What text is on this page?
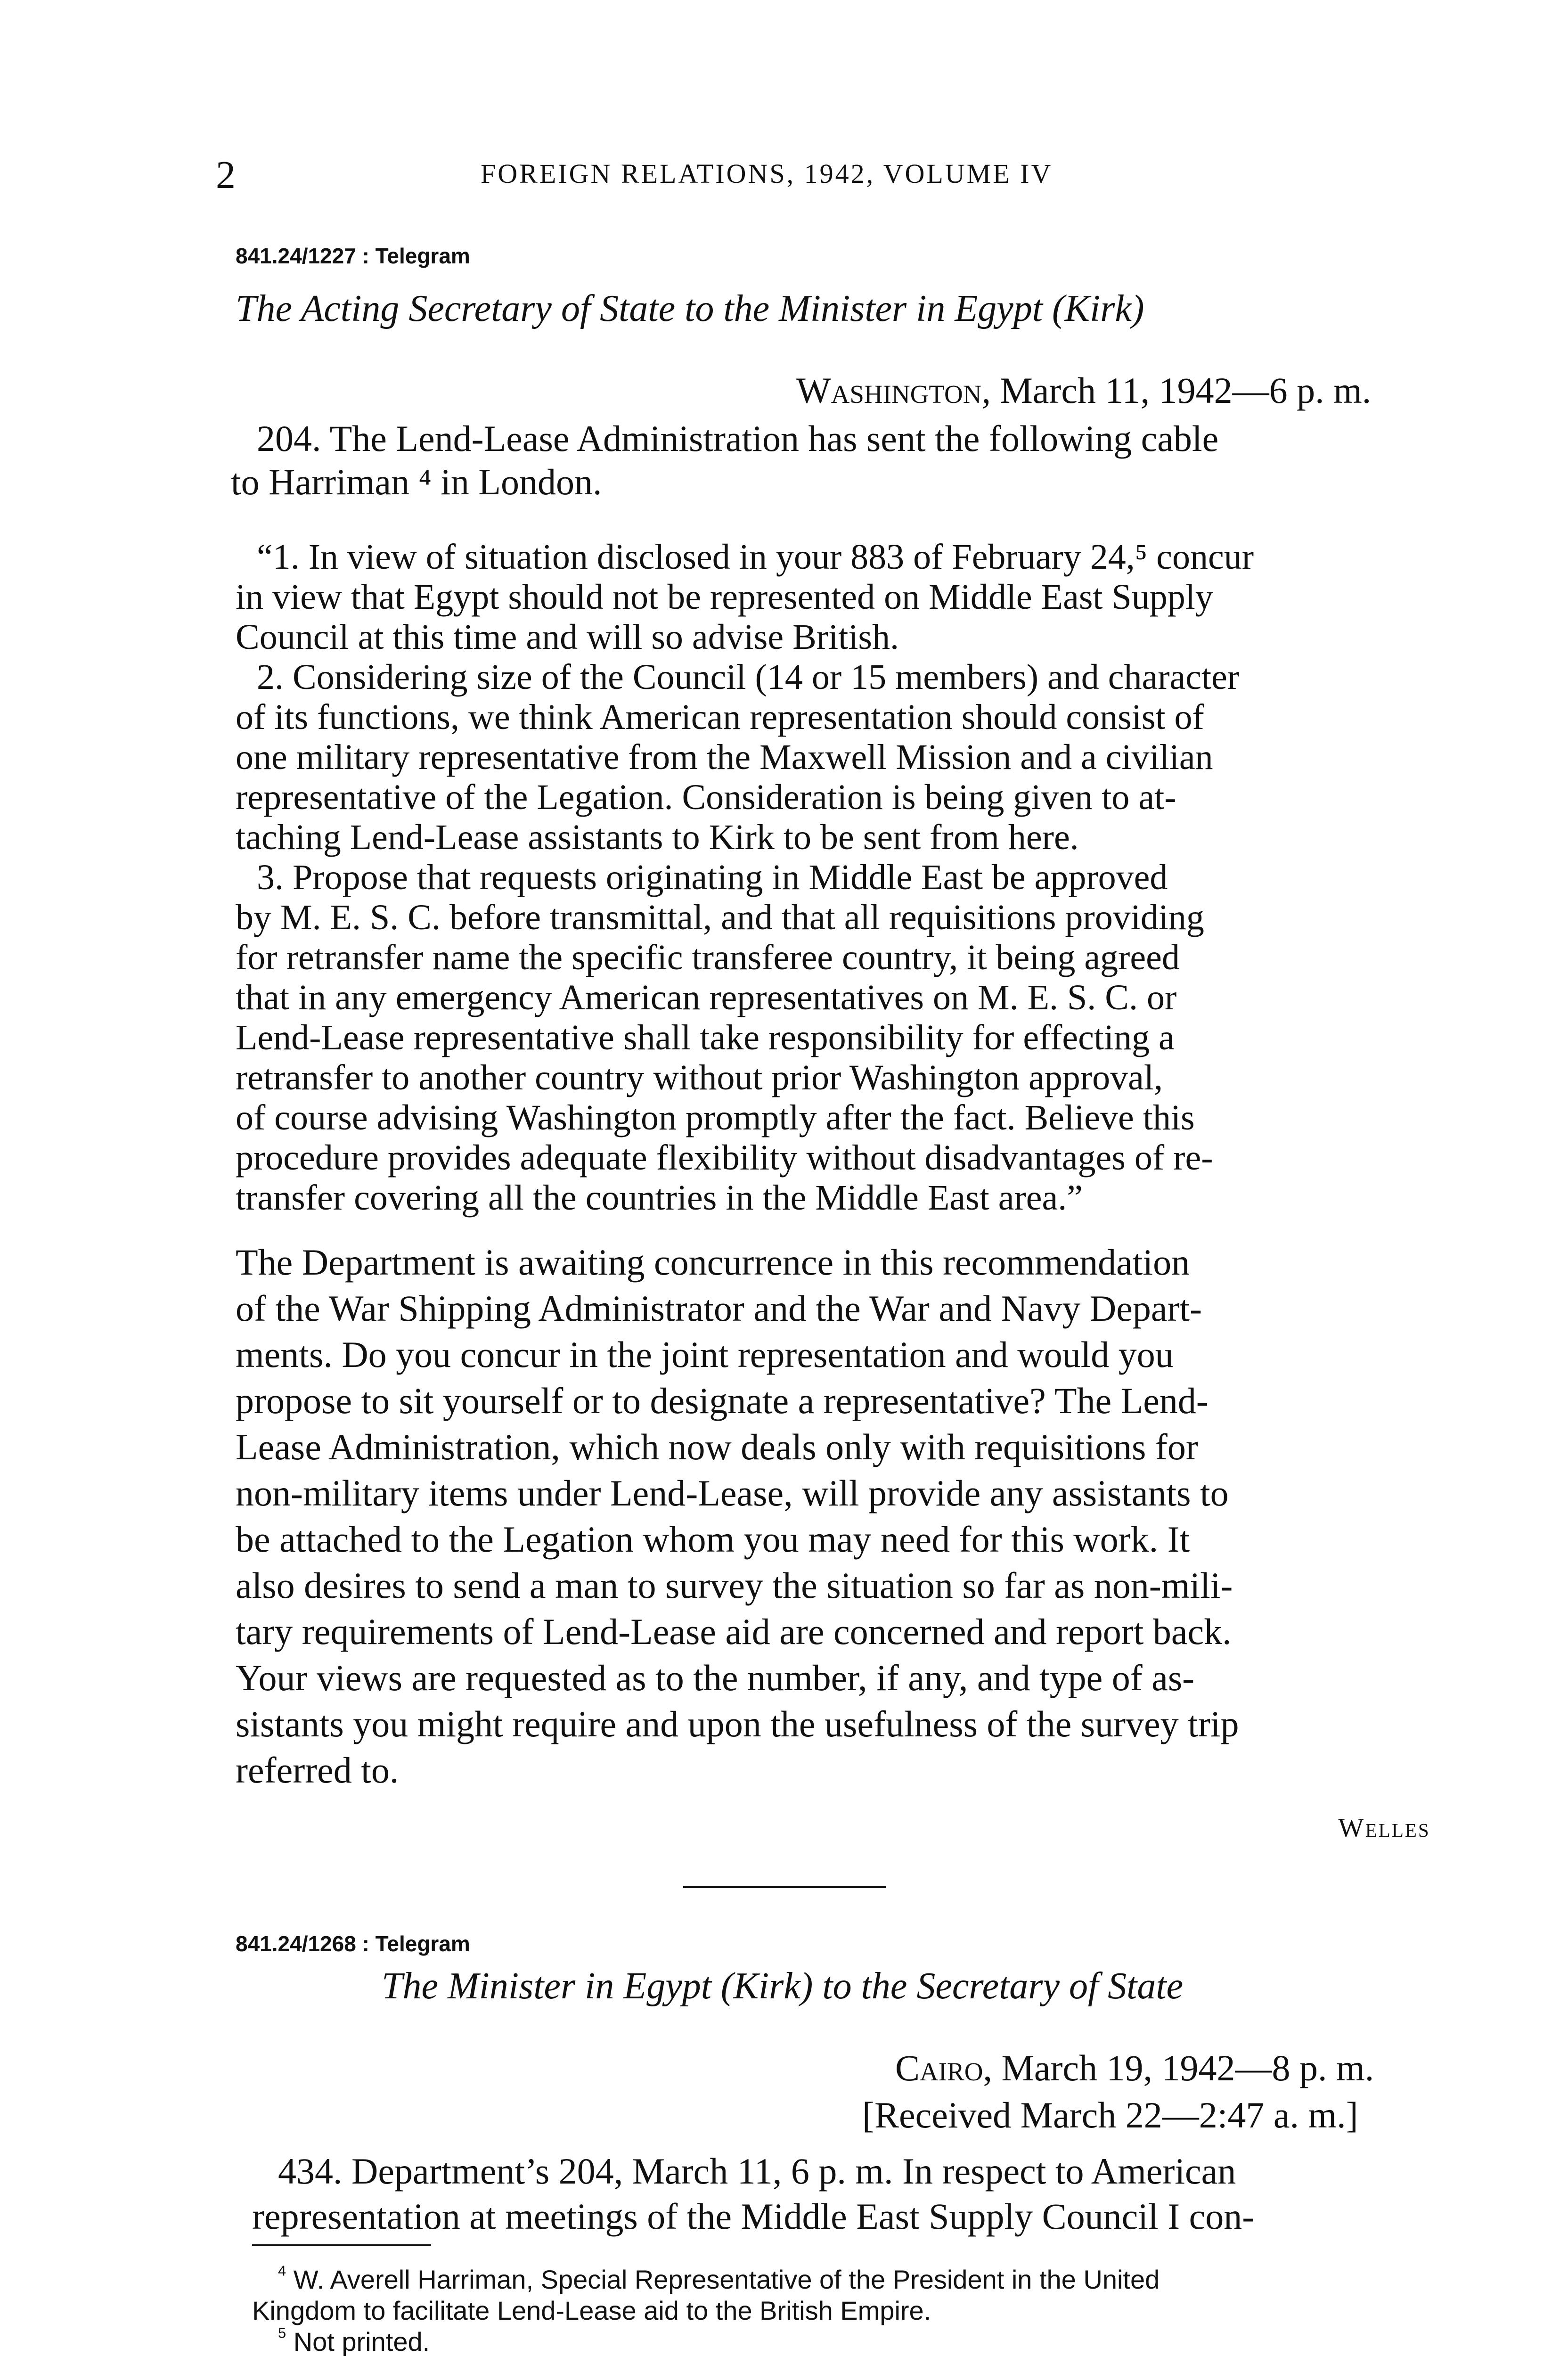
2	FOREIGN RELATIONS, 1942, VOLUME IV
841.24/1227 : Telegram
The Acting Secretary of State to the Minister in Egypt (Kirk)
Washington, March 11, 1942—6 p. m.
204. The Lend-Lease Administration has sent the following cable
to Harriman ⁴ in London.
“1. In view of situation disclosed in your 883 of February 24,⁵ concur
in view that Egypt should not be represented on Middle East Supply
Council at this time and will so advise British.
2. Considering size of the Council (14 or 15 members) and character
of its functions, we think American representation should consist of
one military representative from the Maxwell Mission and a civilian
representative of the Legation. Consideration is being given to at-
taching Lend-Lease assistants to Kirk to be sent from here.
3. Propose that requests originating in Middle East be approved
by M. E. S. C. before transmittal, and that all requisitions providing
for retransfer name the specific transferee country, it being agreed
that in any emergency American representatives on M. E. S. C. or
Lend-Lease representative shall take responsibility for effecting a
retransfer to another country without prior Washington approval,
of course advising Washington promptly after the fact. Believe this
procedure provides adequate flexibility without disadvantages of re-
transfer covering all the countries in the Middle East area.”
The Department is awaiting concurrence in this recommendation
of the War Shipping Administrator and the War and Navy Depart-
ments. Do you concur in the joint representation and would you
propose to sit yourself or to designate a representative? The Lend-
Lease Administration, which now deals only with requisitions for
non-military items under Lend-Lease, will provide any assistants to
be attached to the Legation whom you may need for this work. It
also desires to send a man to survey the situation so far as non-mili-
tary requirements of Lend-Lease aid are concerned and report back.
Your views are requested as to the number, if any, and type of as-
sistants you might require and upon the usefulness of the survey trip
referred to.
Welles
841.24/1268 : Telegram
The Minister in Egypt (Kirk) to the Secretary of State
Cairo, March 19, 1942—8 p. m.
[Received March 22—2:47 a. m.]
434. Department’s 204, March 11, 6 p. m. In respect to American
representation at meetings of the Middle East Supply Council I con-
$^4$ W. Averell Harriman, Special Representative of the President in the United
Kingdom to facilitate Lend-Lease aid to the British Empire.
$^5$ Not printed.
